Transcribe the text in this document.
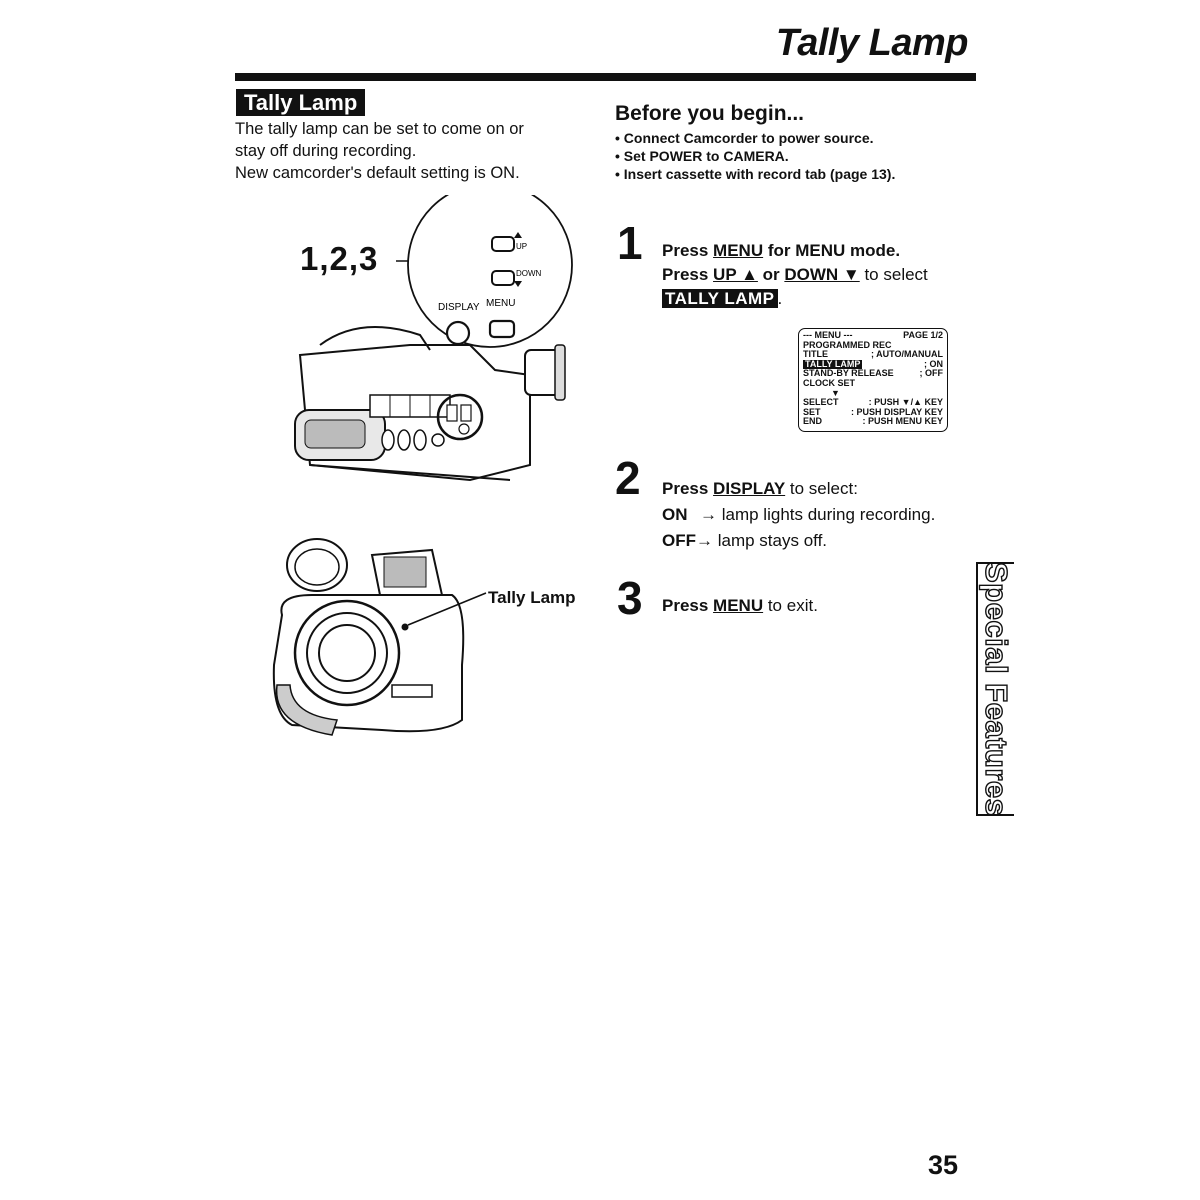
Tally Lamp
Tally Lamp
The tally lamp can be set to come on or
stay off during recording.
New camcorder's default setting is ON.
UP
DOWN
DISPLAY MENU
1,2,3
Tally Lamp
Before you begin...
• Connect Camcorder to power source.
• Set POWER to CAMERA.
• Insert cassette with record tab (page 13).
1 Press MENU for MENU mode.
Press UP ▲ or DOWN ▼ to select
TALLY LAMP .
--- MENU ---	PAGE 1/2
PROGRAMMED REC
TITLE	; AUTO/MANUAL
TALLY LAMP	; ON
STAND-BY RELEASE	; OFF
CLOCK SET
▼
SELECT	: PUSH ▼/▲ KEY
SET	: PUSH DISPLAY KEY
END	: PUSH MENU KEY
2 Press DISPLAY to select:
ON → lamp lights during recording.
OFF→ lamp stays off.
3 Press MENU to exit.	Special Features
35
